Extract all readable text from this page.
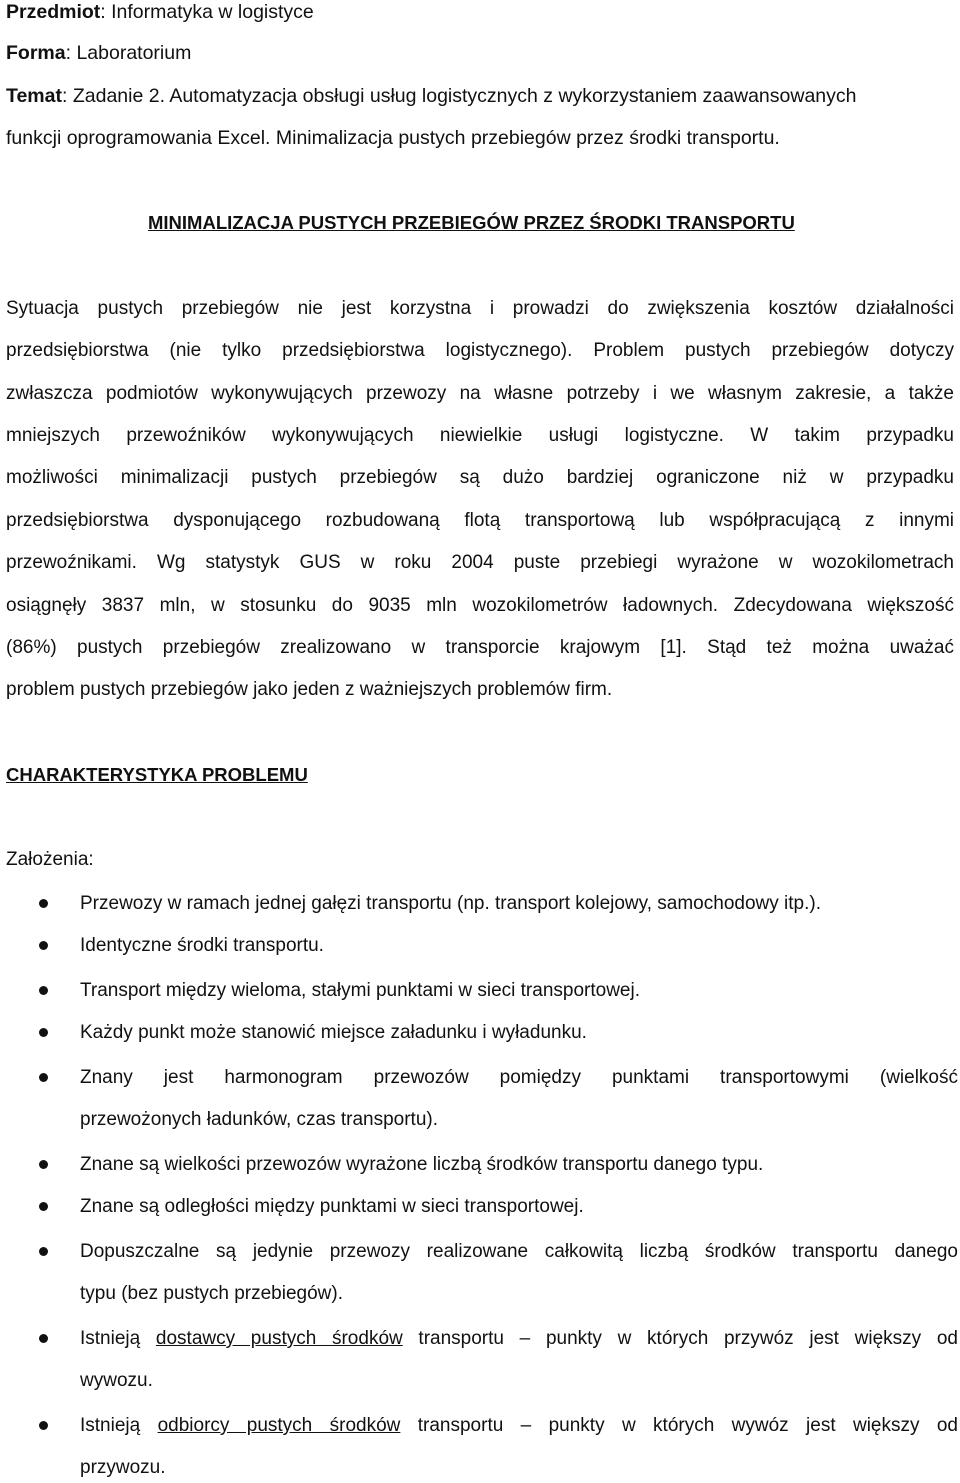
Przedmiot: Informatyka w logistyce
Forma: Laboratorium
Temat: Zadanie 2. Automatyzacja obsługi usług logistycznych z wykorzystaniem zaawansowanych
funkcji oprogramowania Excel. Minimalizacja pustych przebiegów przez środki transportu.
MINIMALIZACJA PUSTYCH PRZEBIEGÓW PRZEZ ŚRODKI TRANSPORTU
Sytuacja pustych przebiegów nie jest korzystna i prowadzi do zwiększenia kosztów działalności
przedsiębiorstwa (nie tylko przedsiębiorstwa logistycznego). Problem pustych przebiegów dotyczy
zwłaszcza podmiotów wykonywujących przewozy na własne potrzeby i we własnym zakresie, a także
mniejszych przewoźników wykonywujących niewielkie usługi logistyczne. W takim przypadku
możliwości minimalizacji pustych przebiegów są dużo bardziej ograniczone niż w przypadku
przedsiębiorstwa dysponującego rozbudowaną flotą transportową lub współpracującą z innymi
przewoźnikami. Wg statystyk GUS w roku 2004 puste przebiegi wyrażone w wozokilometrach
osiągnęły 3837 mln, w stosunku do 9035 mln wozokilometrów ładownych. Zdecydowana większość
(86%) pustych przebiegów zrealizowano w transporcie krajowym [1]. Stąd też można uważać
problem pustych przebiegów jako jeden z ważniejszych problemów firm.
CHARAKTERYSTYKA PROBLEMU
Założenia:
Przewozy w ramach jednej gałęzi transportu (np. transport kolejowy, samochodowy itp.).
Identyczne środki transportu.
Transport między wieloma, stałymi punktami w sieci transportowej.
Każdy punkt może stanowić miejsce załadunku i wyładunku.
Znany jest harmonogram przewozów pomiędzy punktami transportowymi (wielkość
przewożonych ładunków, czas transportu).
Znane są wielkości przewozów wyrażone liczbą środków transportu danego typu.
Znane są odległości między punktami w sieci transportowej.
Dopuszczalne są jedynie przewozy realizowane całkowitą liczbą środków transportu danego
typu (bez pustych przebiegów).
Istnieją dostawcy pustych środków transportu – punkty w których przywóz jest większy od
wywozu.
Istnieją odbiorcy pustych środków transportu – punkty w których wywóz jest większy od
przywozu.
